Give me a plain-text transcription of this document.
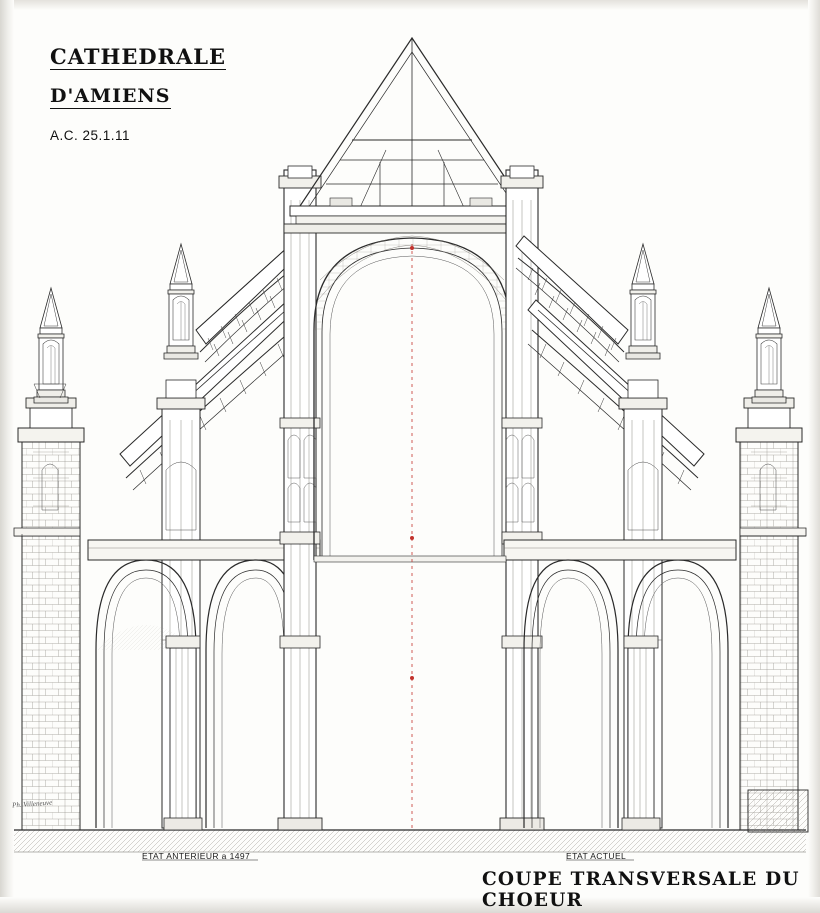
CATHEDRALE
D'AMIENS
A.C. 25.1.11
Ph. Villeneuve
ETAT ANTERIEUR a 1497	ETAT ACTUEL
COUPE TRANSVERSALE DU CHOEUR
